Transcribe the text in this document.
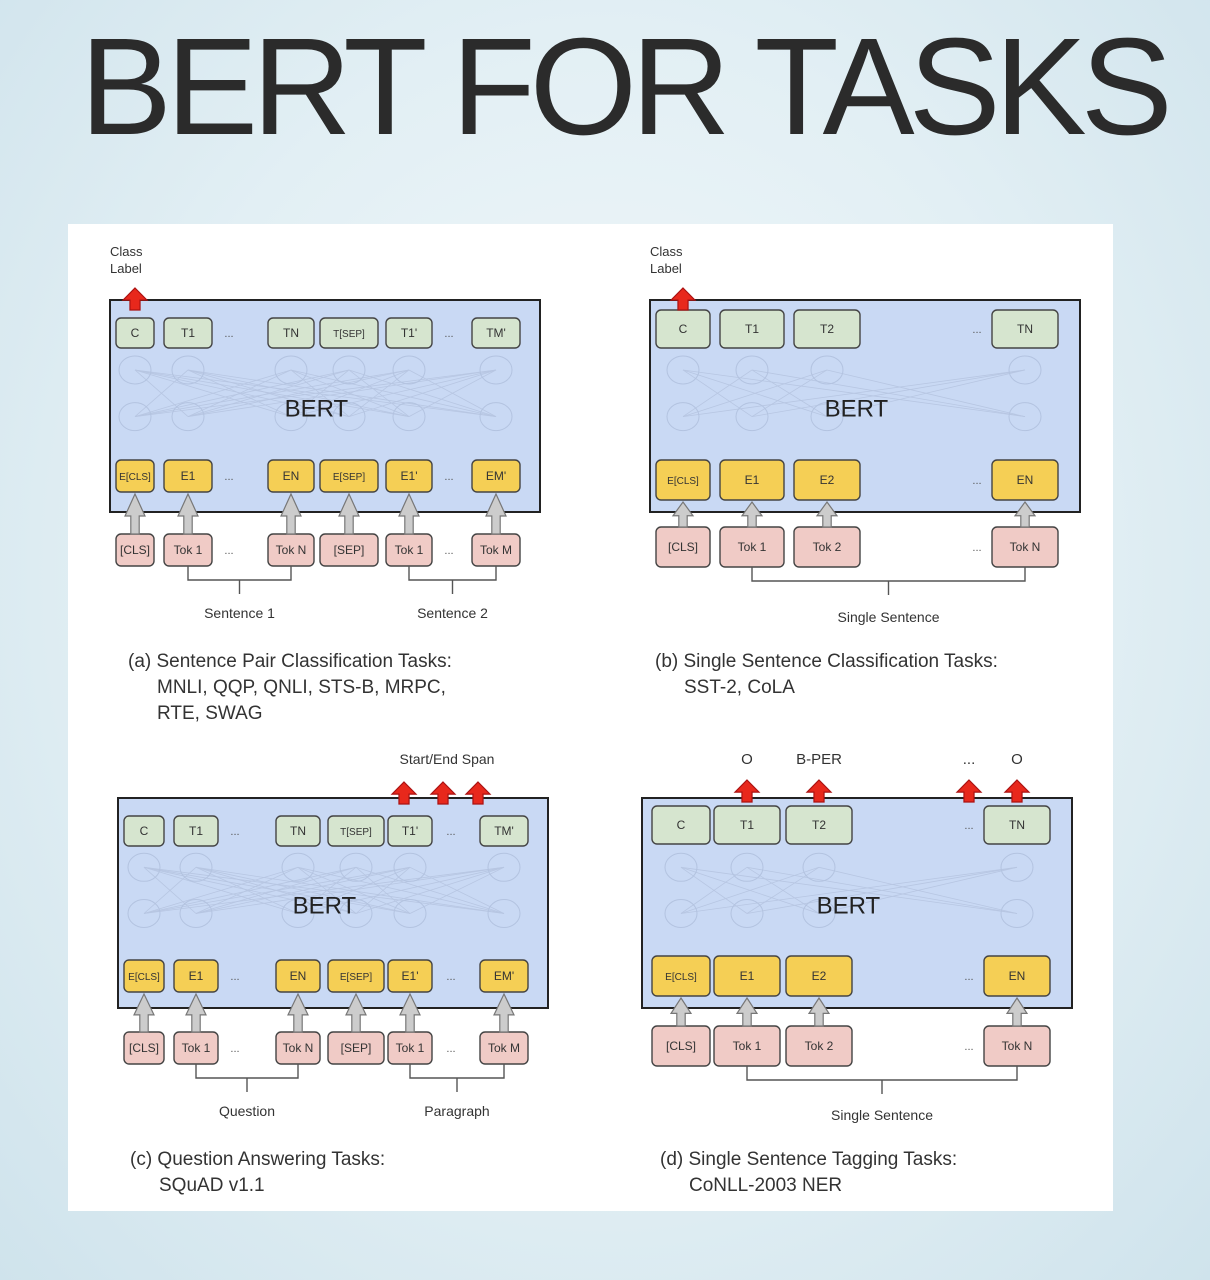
BERT FOR TASKS
BERT
C	T1	...	TN	T[SEP]	T1' ...	TM'
E[CLS] E1	...	EN	E[SEP]	E1' ...	EM'
[CLS] Tok 1 ...	Tok N [SEP]	Tok 1 ... Tok M
Sentence 1	Sentence 2
Class
Label
(a) Sentence Pair Classification Tasks:
MNLI, QQP, QNLI, STS-B, MRPC,
RTE, SWAG
BERT
C	T1	T2	...	TN
E[CLS]	E1	E2	...	EN
[CLS]	Tok 1	Tok 2	... Tok N
Single Sentence
Class
Label
(b) Single Sentence Classification Tasks:
SST-2, CoLA
BERT
C	T1 ...	TN	T[SEP]	T1'	...	TM'
E[CLS] E1 ...	EN	E[SEP] E1'	...	EM'
[CLS] Tok 1 ...	Tok N [SEP] Tok 1 ...	Tok M
Question	Paragraph
Start/End Span
(c) Question Answering Tasks:
SQuAD v1.1
BERT
C	T1	T2	...	TN
E[CLS]	E1	E2	...	EN
[CLS]	Tok 1	Tok 2	... Tok N
Single Sentence
O	B-PER	... O
(d) Single Sentence Tagging Tasks:
CoNLL-2003 NER
